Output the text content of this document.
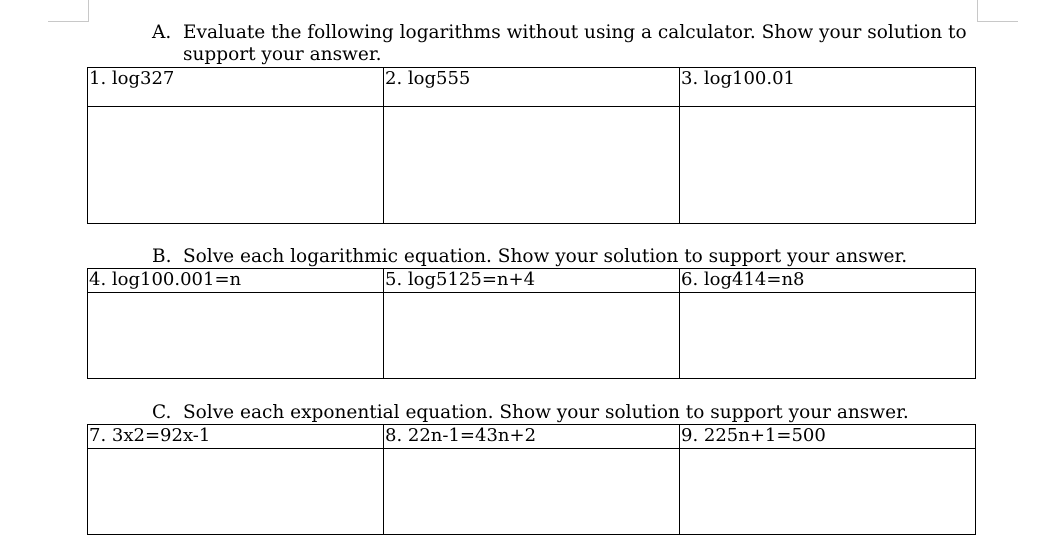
A. Evaluate the following logarithms without using a calculator. Show your solution to
support your answer.
1. log327	2. log555	3. log100.01

B. Solve each logarithmic equation. Show your solution to support your answer.
4. log100.001=n	5. log5125=n+4	6. log414=n8

C. Solve each exponential equation. Show your solution to support your answer.
7. 3x2=92x-1	8. 22n-1=43n+2	9. 225n+1=500
